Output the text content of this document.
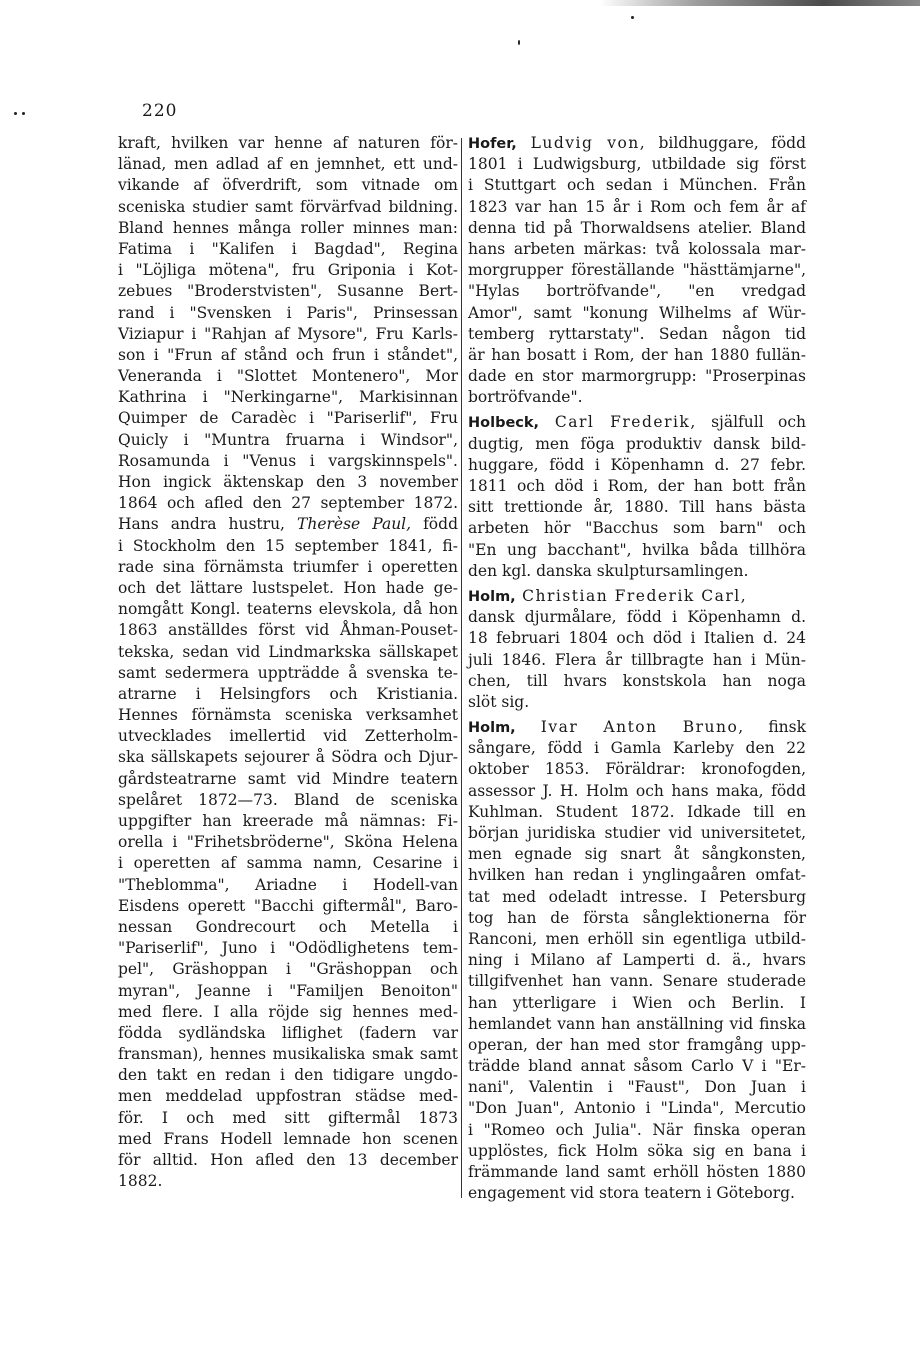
220
kraft, hvilken var henne af naturen för-
länad, men adlad af en jemnhet, ett und-
vikande af öfverdrift, som vitnade om
sceniska studier samt förvärfvad bildning.
Bland hennes många roller minnes man:
Fatima i "Kalifen i Bagdad", Regina
i "Löjliga mötena", fru Griponia i Kot-
zebues "Broderstvisten", Susanne Bert-
rand i "Svensken i Paris", Prinsessan
Viziapur i "Rahjan af Mysore", Fru Karls-
son i "Frun af stånd och frun i ståndet",
Veneranda i "Slottet Montenero", Mor
Kathrina i "Nerkingarne", Markisinnan
Quimper de Caradèc i "Pariserlif", Fru
Quicly i "Muntra fruarna i Windsor",
Rosamunda i "Venus i vargskinnspels".
Hon ingick äktenskap den 3 november
1864 och afled den 27 september 1872.
Hans andra hustru, Therèse Paul, född
i Stockholm den 15 september 1841, fi-
rade sina förnämsta triumfer i operetten
och det lättare lustspelet. Hon hade ge-
nomgått Kongl. teaterns elevskola, då hon
1863 anställdes först vid Åhman-Pouset-
tekska, sedan vid Lindmarkska sällskapet
samt sedermera uppträdde å svenska te-
atrarne i Helsingfors och Kristiania.
Hennes förnämsta sceniska verksamhet
utvecklades imellertid vid Zetterholm-
ska sällskapets sejourer å Södra och Djur-
gårdsteatrarne samt vid Mindre teatern
spelåret 1872—73. Bland de sceniska
uppgifter han kreerade må nämnas: Fi-
orella i "Frihetsbröderne", Sköna Helena
i operetten af samma namn, Cesarine i
"Theblomma", Ariadne i Hodell-van
Eisdens operett "Bacchi giftermål", Baro-
nessan Gondrecourt och Metella i
"Pariserlif", Juno i "Odödlighetens tem-
pel", Gräshoppan i "Gräshoppan och
myran", Jeanne i "Familjen Benoiton"
med flere. I alla röjde sig hennes med-
födda sydländska liflighet (fadern var
fransman), hennes musikaliska smak samt
den takt en redan i den tidigare ungdo-
men meddelad uppfostran städse med-
för. I och med sitt giftermål 1873
med Frans Hodell lemnade hon scenen
för alltid. Hon afled den 13 december
1882.
Hofer, Ludvig von, bildhuggare, född
1801 i Ludwigsburg, utbildade sig först
i Stuttgart och sedan i München. Från
1823 var han 15 år i Rom och fem år af
denna tid på Thorwaldsens atelier. Bland
hans arbeten märkas: två kolossala mar-
morgrupper föreställande "hästtämjarne",
"Hylas bortröfvande", "en vredgad
Amor", samt "konung Wilhelms af Wür-
temberg ryttarstaty". Sedan någon tid
är han bosatt i Rom, der han 1880 fullän-
dade en stor marmorgrupp: "Proserpinas
bortröfvande".
Holbeck, Carl Frederik, själfull och
dugtig, men föga produktiv dansk bild-
huggare, född i Köpenhamn d. 27 febr.
1811 och död i Rom, der han bott från
sitt trettionde år, 1880. Till hans bästa
arbeten hör "Bacchus som barn" och
"En ung bacchant", hvilka båda tillhöra
den kgl. danska skulptursamlingen.
Holm, Christian Frederik Carl,
dansk djurmålare, född i Köpenhamn d.
18 februari 1804 och död i Italien d. 24
juli 1846. Flera år tillbragte han i Mün-
chen, till hvars konstskola han noga
slöt sig.
Holm, Ivar Anton Bruno, finsk
sångare, född i Gamla Karleby den 22
oktober 1853. Föräldrar: kronofogden,
assessor J. H. Holm och hans maka, född
Kuhlman. Student 1872. Idkade till en
början juridiska studier vid universitetet,
men egnade sig snart åt sångkonsten,
hvilken han redan i ynglingaåren omfat-
tat med odeladt intresse. I Petersburg
tog han de första sånglektionerna för
Ranconi, men erhöll sin egentliga utbild-
ning i Milano af Lamperti d. ä., hvars
tillgifvenhet han vann. Senare studerade
han ytterligare i Wien och Berlin. I
hemlandet vann han anställning vid finska
operan, der han med stor framgång upp-
trädde bland annat såsom Carlo V i "Er-
nani", Valentin i "Faust", Don Juan i
"Don Juan", Antonio i "Linda", Mercutio
i "Romeo och Julia". När finska operan
upplöstes, fick Holm söka sig en bana i
främmande land samt erhöll hösten 1880
engagement vid stora teatern i Göteborg.
